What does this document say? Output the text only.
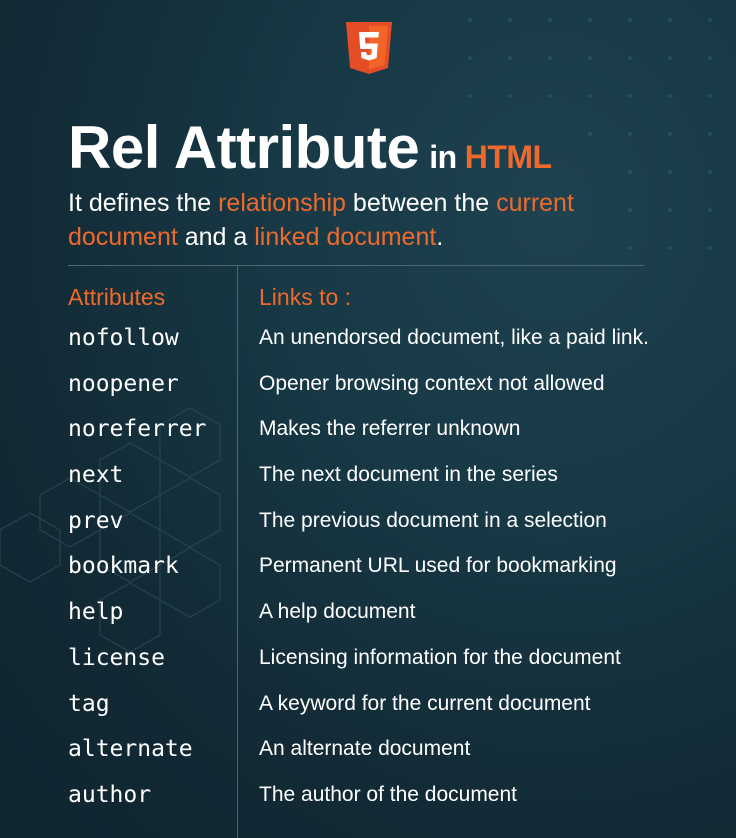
Rel Attribute in HTML

It defines the relationship between the current document and a linked document.

Attributes	Links to :
nofollow	An unendorsed document, like a paid link.
noopener	Opener browsing context not allowed
noreferrer	Makes the referrer unknown
next	The next document in the series
prev	The previous document in a selection
bookmark	Permanent URL used for bookmarking
help	A help document
license	Licensing information for the document
tag	A keyword for the current document
alternate	An alternate document
author	The author of the document
